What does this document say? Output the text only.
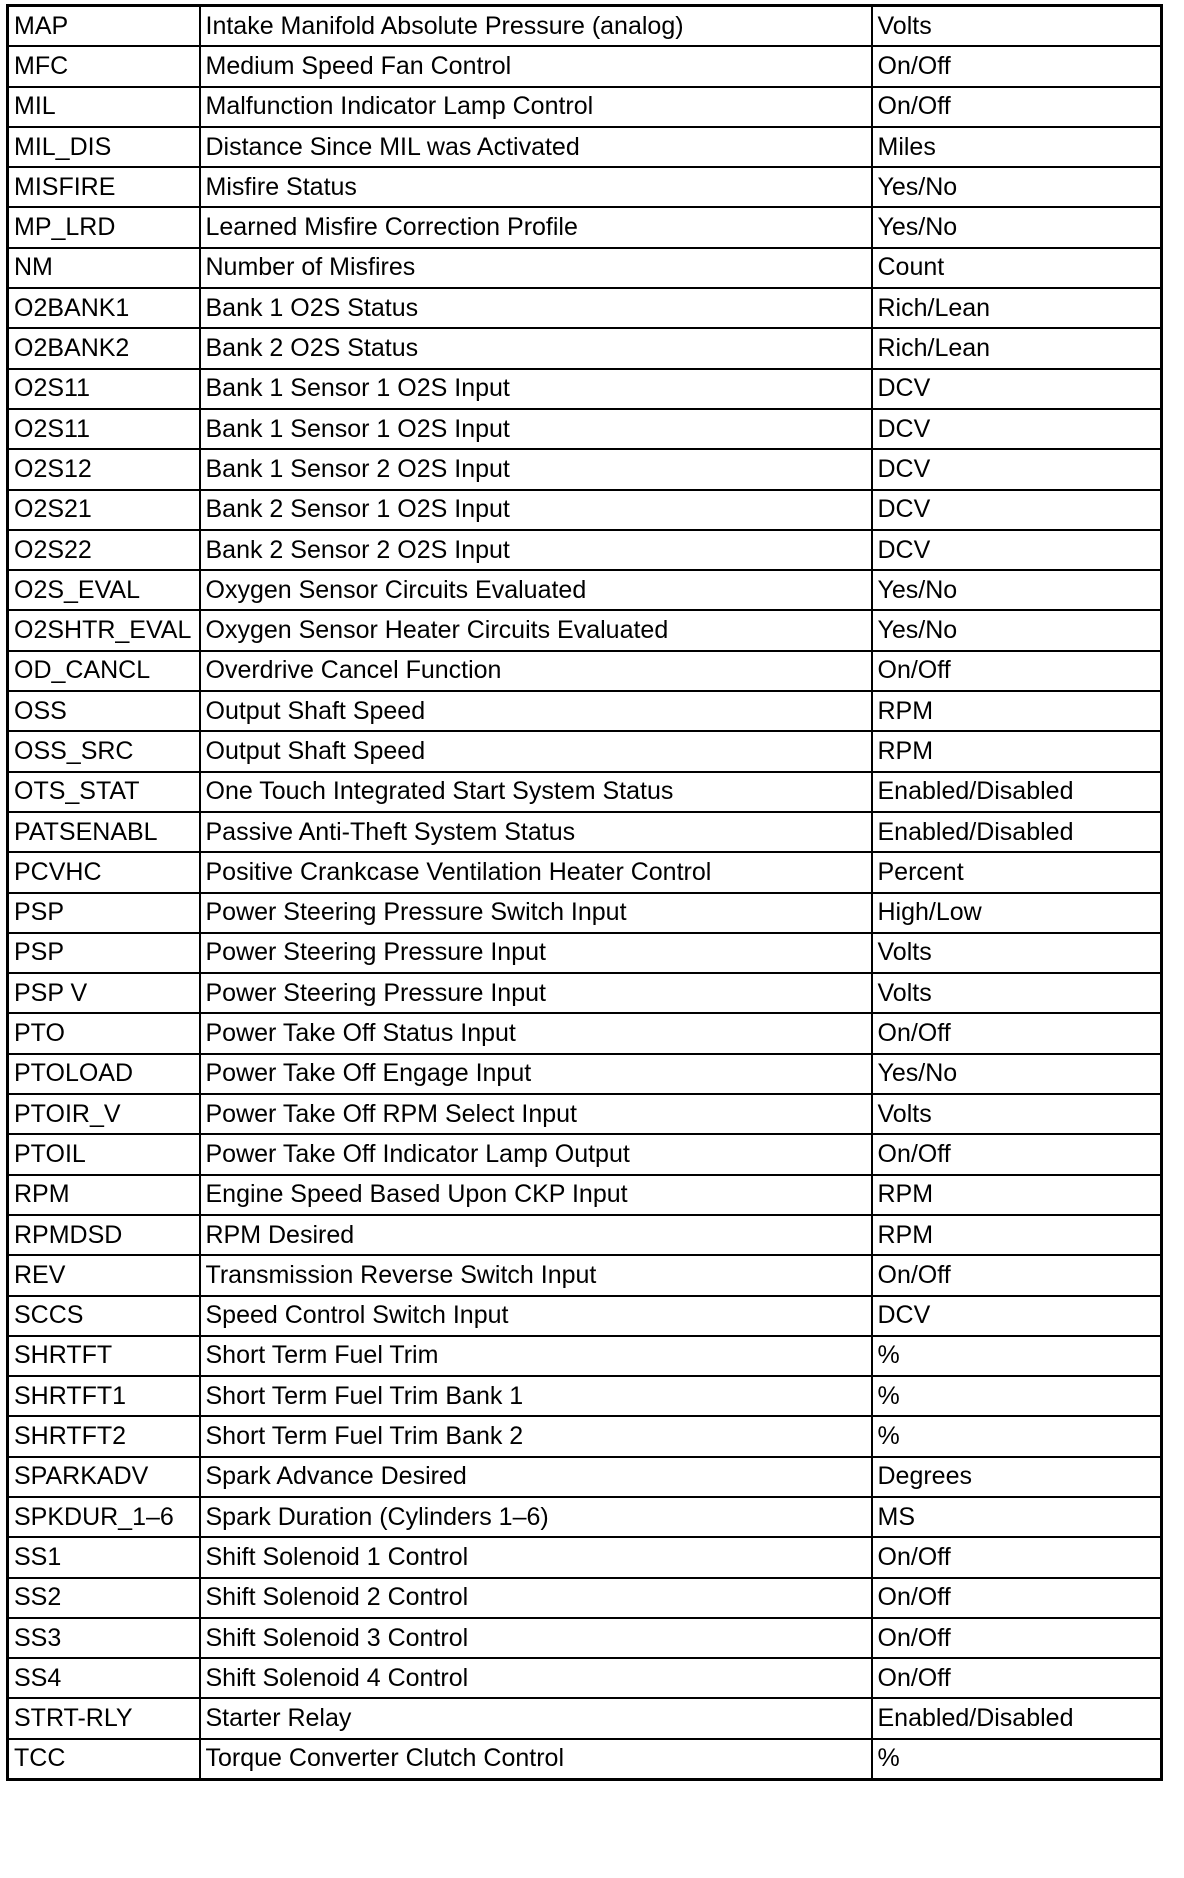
MAP	Intake Manifold Absolute Pressure (analog)	Volts
MFC	Medium Speed Fan Control	On/Off
MIL	Malfunction Indicator Lamp Control	On/Off
MIL_DIS	Distance Since MIL was Activated	Miles
MISFIRE	Misfire Status	Yes/No
MP_LRD	Learned Misfire Correction Profile	Yes/No
NM	Number of Misfires	Count
O2BANK1	Bank 1 O2S Status	Rich/Lean
O2BANK2	Bank 2 O2S Status	Rich/Lean
O2S11	Bank 1 Sensor 1 O2S Input	DCV
O2S11	Bank 1 Sensor 1 O2S Input	DCV
O2S12	Bank 1 Sensor 2 O2S Input	DCV
O2S21	Bank 2 Sensor 1 O2S Input	DCV
O2S22	Bank 2 Sensor 2 O2S Input	DCV
O2S_EVAL	Oxygen Sensor Circuits Evaluated	Yes/No
O2SHTR_EVAL	Oxygen Sensor Heater Circuits Evaluated	Yes/No
OD_CANCL	Overdrive Cancel Function	On/Off
OSS	Output Shaft Speed	RPM
OSS_SRC	Output Shaft Speed	RPM
OTS_STAT	One Touch Integrated Start System Status	Enabled/Disabled
PATSENABL	Passive Anti-Theft System Status	Enabled/Disabled
PCVHC	Positive Crankcase Ventilation Heater Control	Percent
PSP	Power Steering Pressure Switch Input	High/Low
PSP	Power Steering Pressure Input	Volts
PSP V	Power Steering Pressure Input	Volts
PTO	Power Take Off Status Input	On/Off
PTOLOAD	Power Take Off Engage Input	Yes/No
PTOIR_V	Power Take Off RPM Select Input	Volts
PTOIL	Power Take Off Indicator Lamp Output	On/Off
RPM	Engine Speed Based Upon CKP Input	RPM
RPMDSD	RPM Desired	RPM
REV	Transmission Reverse Switch Input	On/Off
SCCS	Speed Control Switch Input	DCV
SHRTFT	Short Term Fuel Trim	%
SHRTFT1	Short Term Fuel Trim Bank 1	%
SHRTFT2	Short Term Fuel Trim Bank 2	%
SPARKADV	Spark Advance Desired	Degrees
SPKDUR_1–6	Spark Duration (Cylinders 1–6)	MS
SS1	Shift Solenoid 1 Control	On/Off
SS2	Shift Solenoid 2 Control	On/Off
SS3	Shift Solenoid 3 Control	On/Off
SS4	Shift Solenoid 4 Control	On/Off
STRT-RLY	Starter Relay	Enabled/Disabled
TCC	Torque Converter Clutch Control	%
